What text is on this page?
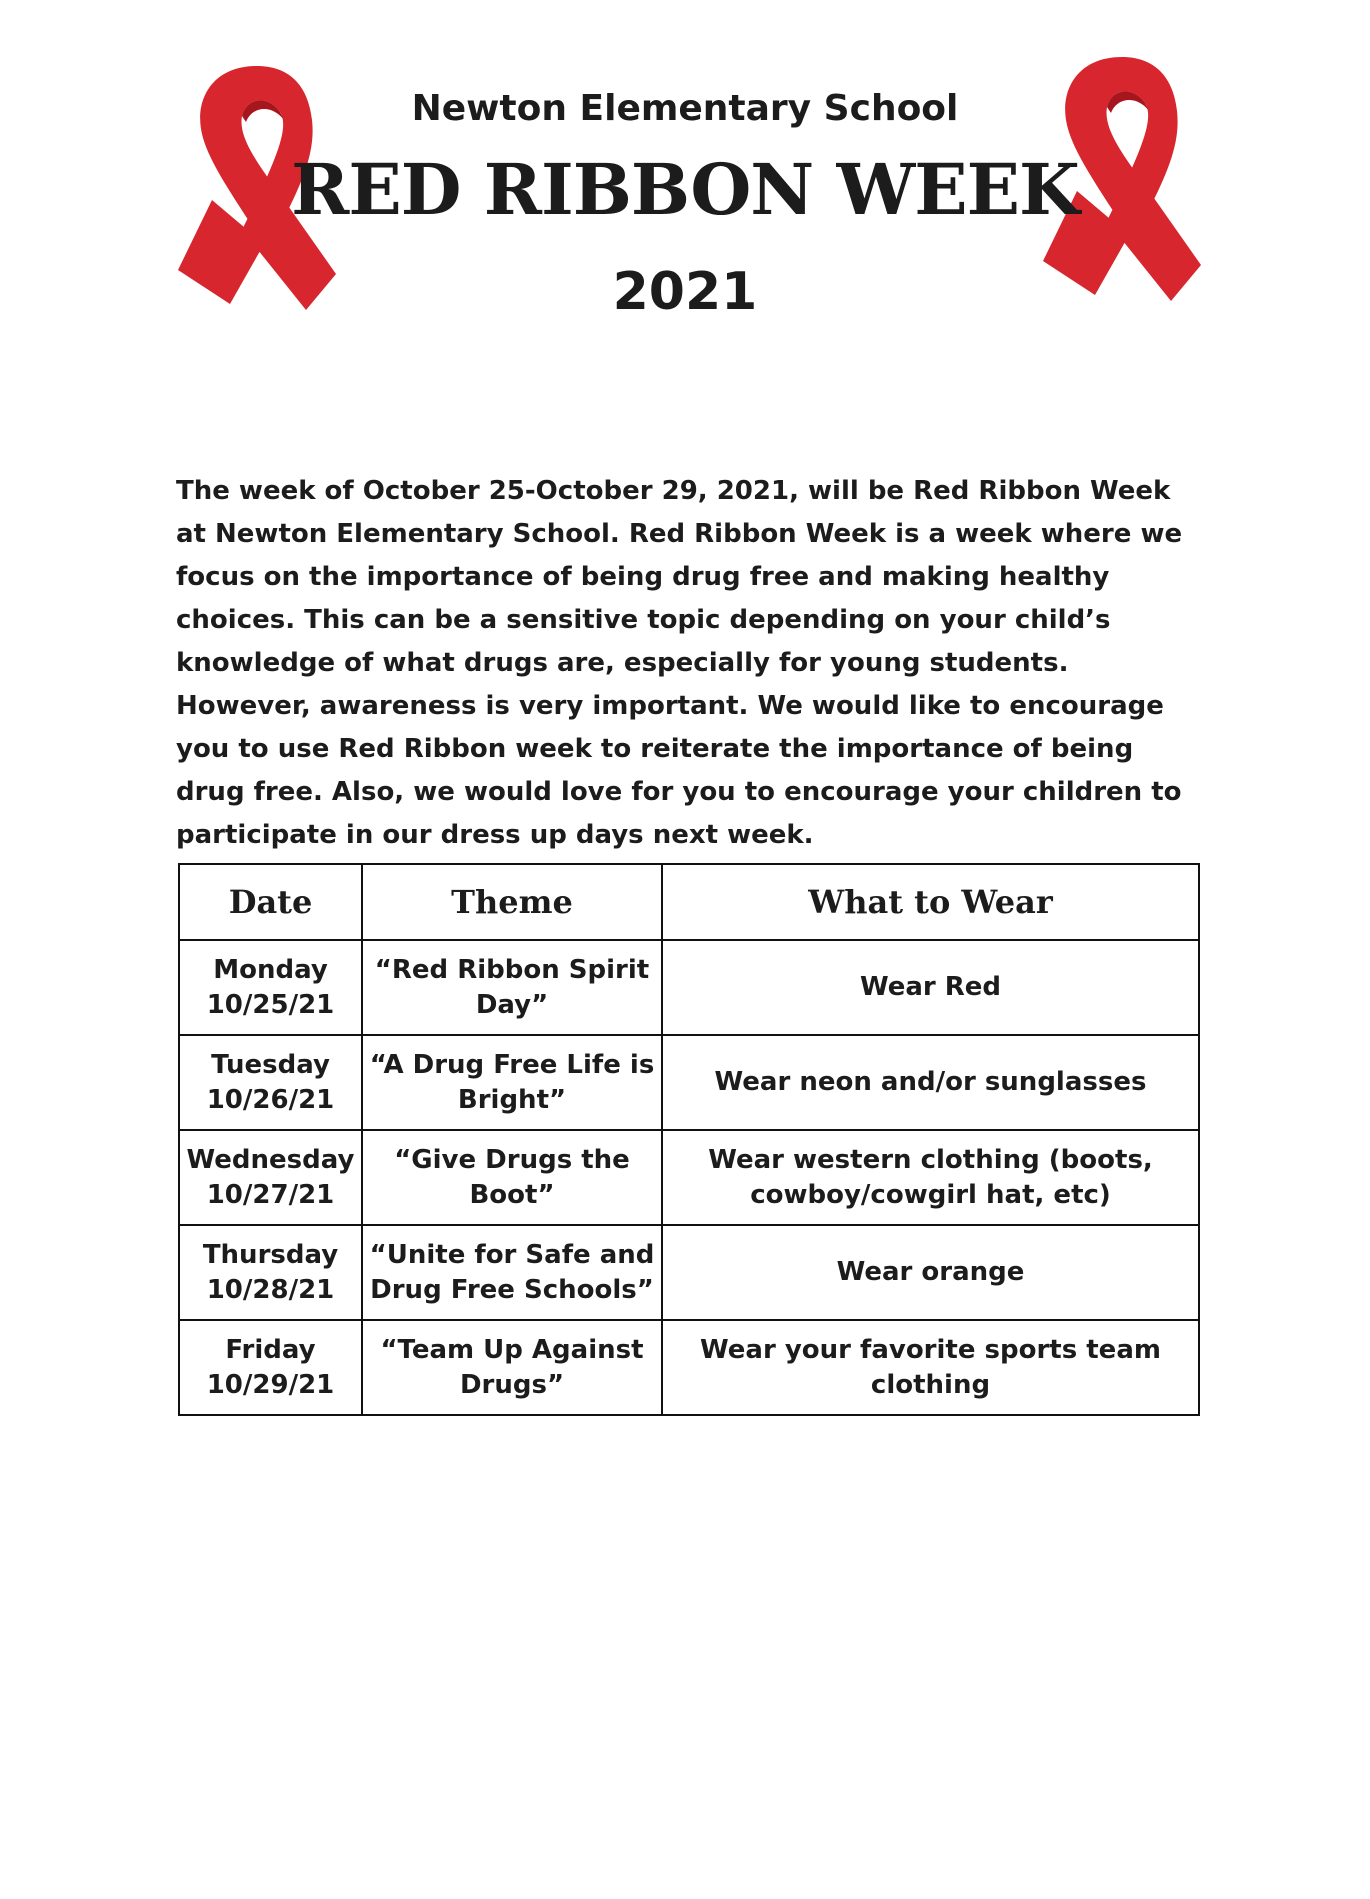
Newton Elementary School
RED RIBBON WEEK
2021

The week of October 25-October 29, 2021, will be Red Ribbon Week at Newton Elementary School. Red Ribbon Week is a week where we focus on the importance of being drug free and making healthy choices. This can be a sensitive topic depending on your child’s knowledge of what drugs are, especially for young students. However, awareness is very important. We would like to encourage you to use Red Ribbon week to reiterate the importance of being drug free. Also, we would love for you to encourage your children to participate in our dress up days next week.

Date	Theme	What to Wear

Monday
10/25/21	“Red Ribbon Spirit Day”	Wear Red

Tuesday
10/26/21	“A Drug Free Life is Bright”	Wear neon and/or sunglasses

Wednesday
10/27/21	“Give Drugs the Boot”	Wear western clothing (boots, cowboy/cowgirl hat, etc)

Thursday
10/28/21	“Unite for Safe and Drug Free Schools”	Wear orange

Friday
10/29/21	“Team Up Against Drugs”	Wear your favorite sports team clothing
